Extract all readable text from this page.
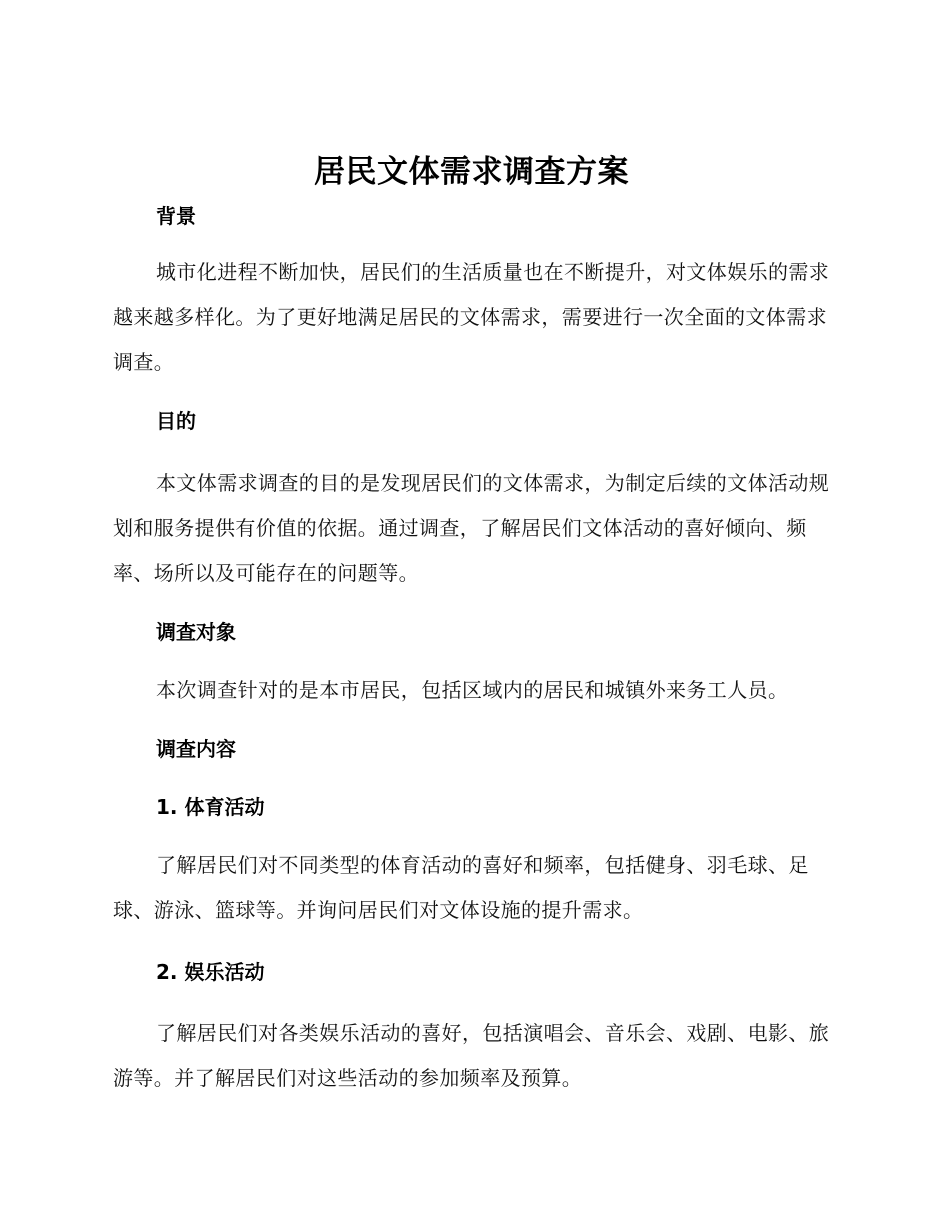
居民文体需求调查方案
背景

城市化进程不断加快，居民们的生活质量也在不断提升，对文体娱乐的需求越来越多样化。为了更好地满足居民的文体需求，需要进行一次全面的文体需求调查。

目的

本文体需求调查的目的是发现居民们的文体需求，为制定后续的文体活动规划和服务提供有价值的依据。通过调查，了解居民们文体活动的喜好倾向、频率、场所以及可能存在的问题等。

调查对象

本次调查针对的是本市居民，包括区域内的居民和城镇外来务工人员。

调查内容
1. 体育活动

了解居民们对不同类型的体育活动的喜好和频率，包括健身、羽毛球、足球、游泳、篮球等。并询问居民们对文体设施的提升需求。

2. 娱乐活动

了解居民们对各类娱乐活动的喜好，包括演唱会、音乐会、戏剧、电影、旅游等。并了解居民们对这些活动的参加频率及预算。
